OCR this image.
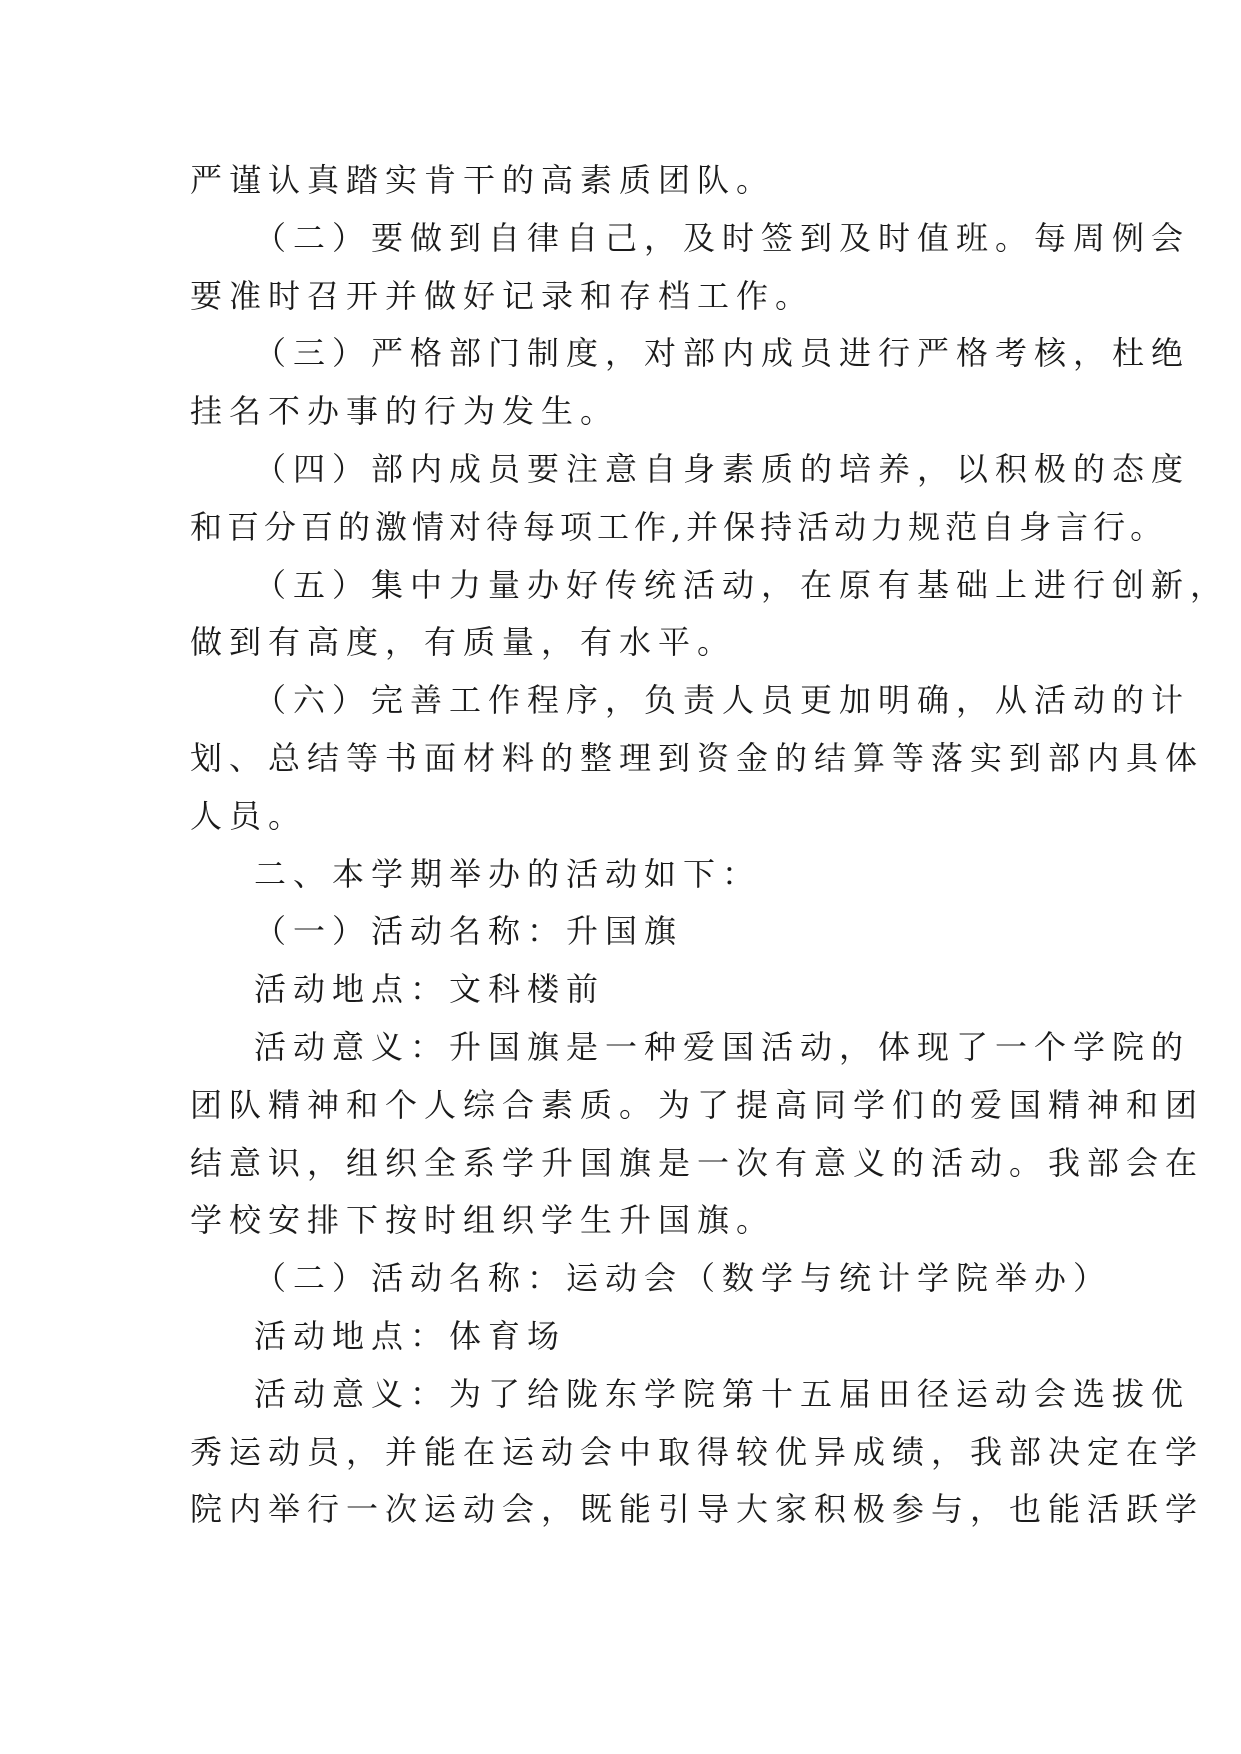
严谨认真踏实肯干的高素质团队。
（二）要做到自律自己，及时签到及时值班。每周例会
要准时召开并做好记录和存档工作。
（三）严格部门制度，对部内成员进行严格考核，杜绝
挂名不办事的行为发生。
（四）部内成员要注意自身素质的培养，以积极的态度
和百分百的激情对待每项工作,并保持活动力规范自身言行。
（五）集中力量办好传统活动，在原有基础上进行创新，
做到有高度，有质量，有水平。
（六）完善工作程序，负责人员更加明确，从活动的计
划、总结等书面材料的整理到资金的结算等落实到部内具体
人员。
二、本学期举办的活动如下：
（一）活动名称：升国旗
活动地点：文科楼前
活动意义：升国旗是一种爱国活动，体现了一个学院的
团队精神和个人综合素质。为了提高同学们的爱国精神和团
结意识，组织全系学升国旗是一次有意义的活动。我部会在
学校安排下按时组织学生升国旗。
（二）活动名称：运动会（数学与统计学院举办）
活动地点：体育场
活动意义：为了给陇东学院第十五届田径运动会选拔优
秀运动员，并能在运动会中取得较优异成绩，我部决定在学
院内举行一次运动会，既能引导大家积极参与，也能活跃学
